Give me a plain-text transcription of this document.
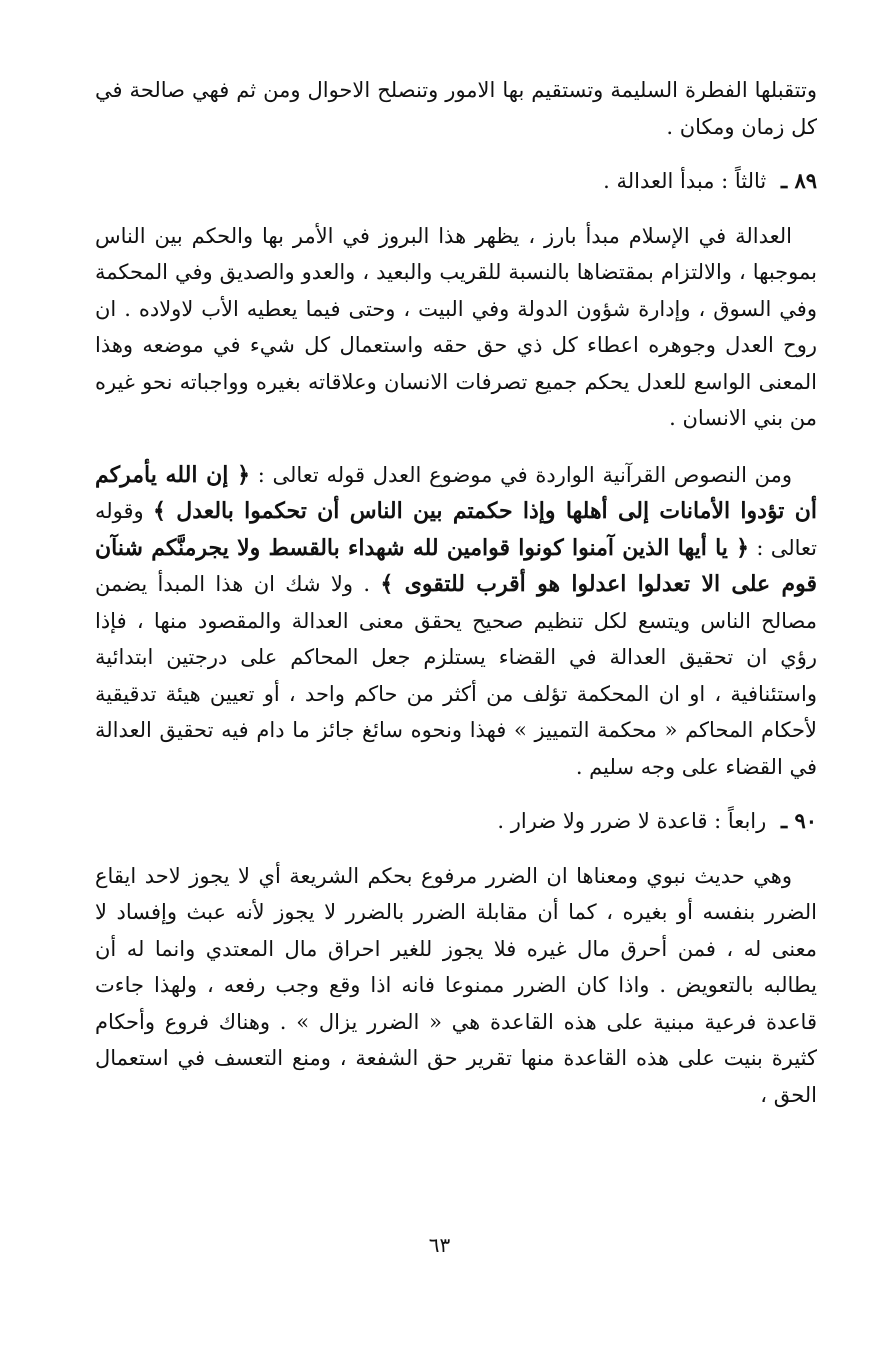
وتتقبلها الفطرة السليمة وتستقيم بها الامور وتنصلح الاحوال ومن ثم فهي صالحة في كل زمان ومكان .

٨٩ ـ ثالثاً : مبدأ العدالة .

العدالة في الإسلام مبدأ بارز ، يظهر هذا البروز في الأمر بها والحكم بين الناس بموجبها ، والالتزام بمقتضاها بالنسبة للقريب والبعيد ، والعدو والصديق وفي المحكمة وفي السوق ، وإدارة شؤون الدولة وفي البيت ، وحتى فيما يعطيه الأب لاولاده . ان روح العدل وجوهره اعطاء كل ذي حق حقه واستعمال كل شيء في موضعه وهذا المعنى الواسع للعدل يحكم جميع تصرفات الانسان وعلاقاته بغيره وواجباته نحو غيره من بني الانسان .

ومن النصوص القرآنية الواردة في موضوع العدل قوله تعالى : ﴿ إن الله يأمركم أن تؤدوا الأمانات إلى أهلها وإذا حكمتم بين الناس أن تحكموا بالعدل ﴾ وقوله تعالى : ﴿ يا أيها الذين آمنوا كونوا قوامين لله شهداء بالقسط ولا يجرمنَّكم شنآن قوم على الا تعدلوا اعدلوا هو أقرب للتقوى ﴾ . ولا شك ان هذا المبدأ يضمن مصالح الناس ويتسع لكل تنظيم صحيح يحقق معنى العدالة والمقصود منها ، فإذا رؤي ان تحقيق العدالة في القضاء يستلزم جعل المحاكم على درجتين ابتدائية واستئنافية ، او ان المحكمة تؤلف من أكثر من حاكم واحد ، أو تعيين هيئة تدقيقية لأحكام المحاكم « محكمة التمييز » فهذا ونحوه سائغ جائز ما دام فيه تحقيق العدالة في القضاء على وجه سليم .

٩٠ ـ رابعاً : قاعدة لا ضرر ولا ضرار .

وهي حديث نبوي ومعناها ان الضرر مرفوع بحكم الشريعة أي لا يجوز لاحد ايقاع الضرر بنفسه أو بغيره ، كما أن مقابلة الضرر بالضرر لا يجوز لأنه عبث وإفساد لا معنى له ، فمن أحرق مال غيره فلا يجوز للغير احراق مال المعتدي وانما له أن يطالبه بالتعويض . واذا كان الضرر ممنوعا فانه اذا وقع وجب رفعه ، ولهذا جاءت قاعدة فرعية مبنية على هذه القاعدة هي « الضرر يزال » . وهناك فروع وأحكام كثيرة بنيت على هذه القاعدة منها تقرير حق الشفعة ، ومنع التعسف في استعمال الحق ،

٦٣
